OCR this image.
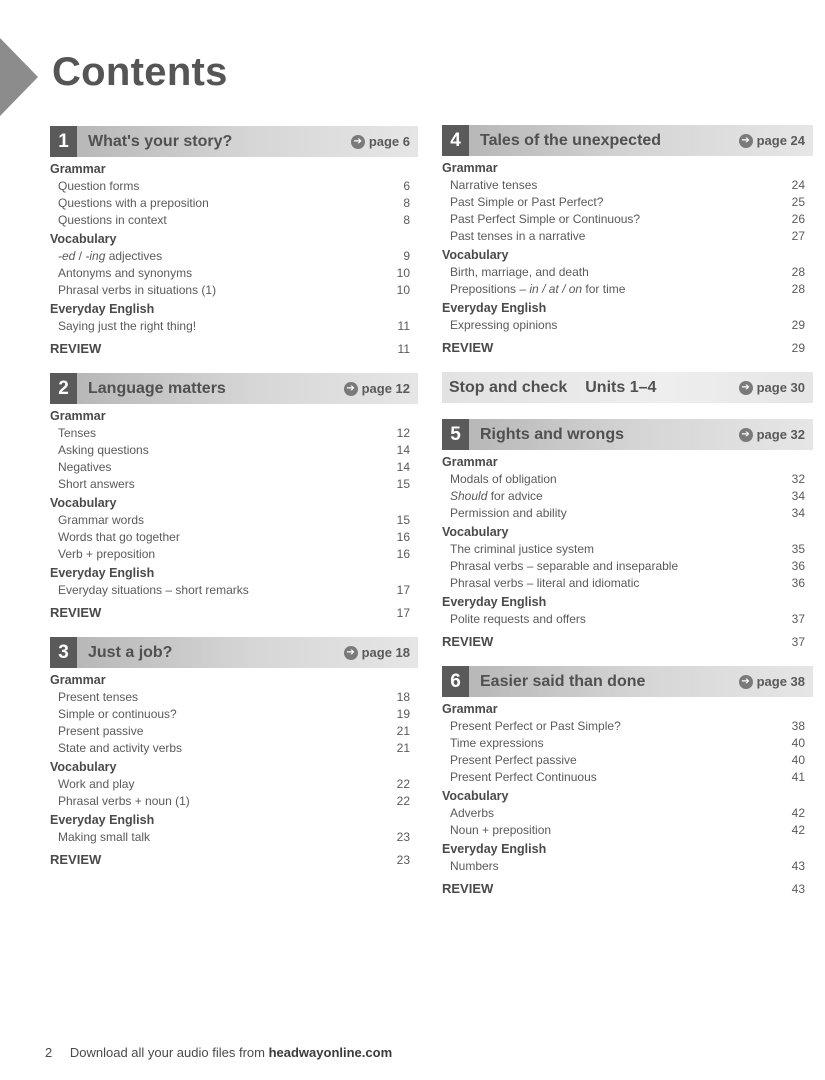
Contents
1	What's your story?	➔ page 6
Grammar
Question forms	6
Questions with a preposition	8
Questions in context	8
Vocabulary
-ed / -ing adjectives	9
Antonyms and synonyms	10
Phrasal verbs in situations (1)	10
Everyday English
Saying just the right thing!	11
REVIEW	11
2	Language matters	➔ page 12
Grammar
Tenses	12
Asking questions	14
Negatives	14
Short answers	15
Vocabulary
Grammar words	15
Words that go together	16
Verb + preposition	16
Everyday English
Everyday situations – short remarks	17
REVIEW	17
3	Just a job?	➔ page 18
Grammar
Present tenses	18
Simple or continuous?	19
Present passive	21
State and activity verbs	21
Vocabulary
Work and play	22
Phrasal verbs + noun (1)	22
Everyday English
Making small talk	23
REVIEW	23
4	Tales of the unexpected	➔ page 24
Grammar
Narrative tenses	24
Past Simple or Past Perfect?	25
Past Perfect Simple or Continuous?	26
Past tenses in a narrative	27
Vocabulary
Birth, marriage, and death	28
Prepositions – in / at / on for time	28
Everyday English
Expressing opinions	29
REVIEW	29
Stop and check Units 1–4	➔ page 30
5	Rights and wrongs	➔ page 32
Grammar
Modals of obligation	32
Should for advice	34
Permission and ability	34
Vocabulary
The criminal justice system	35
Phrasal verbs – separable and inseparable	36
Phrasal verbs – literal and idiomatic	36
Everyday English
Polite requests and offers	37
REVIEW	37
6	Easier said than done	➔ page 38
Grammar
Present Perfect or Past Simple?	38
Time expressions	40
Present Perfect passive	40
Present Perfect Continuous	41
Vocabulary
Adverbs	42
Noun + preposition	42
Everyday English
Numbers	43
REVIEW	43
2 Download all your audio files from headwayonline.com
